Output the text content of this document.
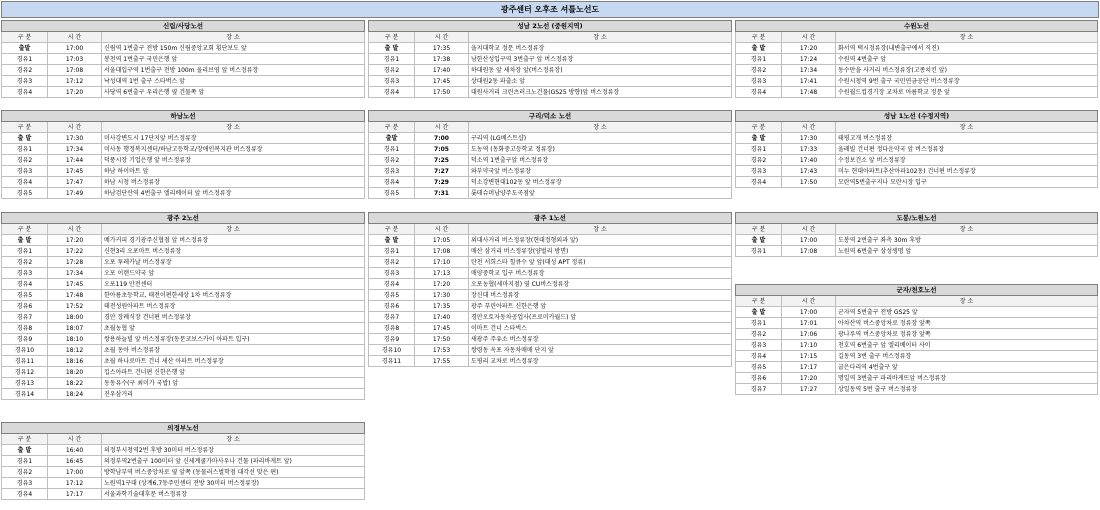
광주센터 오후조 셔틀노선도
신림/사당노선		
구 분	시 간	장 소
출발	17:00	신림역 1번출구 전방 150m 신림중앙교회 횡단보도 앞
경유1	17:03	봉천역 1번출구 국민은행 앞
경유2	17:08	서울대입구역 1번출구 전방 100m 올리브영 앞 버스정류장
경유3	17:12	낙성대역 1번 출구 스타벅스 앞
경유4	17:20	사당역 6번출구 우리은행 옆 건물쪽 앞
성남 2노선 (중원지역)		
구 분	시 간	장 소
출 발	17:35	을지대학교 정문 버스정류장
경유1	17:38	남한산성입구역 3번출구 앞 버스정류장
경유2	17:40	하대원동 앞 세차장 앞(버스정류장)
경유3	17:45	상대원2동 파출소 앞
경유4	17:50	대원사거리 크린츠러크노건물(GS25 방향)앞 버스정류장
수원노선		
구 분	시 간	장 소
출 발	17:20	화서역 택시정류장(내변출구에서 직진)
경유1	17:24	수원역 4번출구 앞
경유2	17:34	동수만을 사거리 버스정류장(고종치킨 앞)
경유3	17:41	수원시청역 9번 출구 국민연금공단 버스정류장
경유4	17:48	수원월드컵경기장 교차로 아름학교 정문 앞
하남노선		
구 분	시 간	장 소
출 발	17:30	미사강변도시 17단지앞 버스정류장
경유1	17:34	미사동 행정복지센터/하남고등학교/장애인복지관 버스정류장
경유2	17:44	덕풍시장 기업은행 앞 버스정류장
경유3	17:45	하남 하이마트 앞
경유4	17:47	하남 시청 버스정류장
경유5	17:49	하남검단산역 4번출구 엘리베이터 앞 버스정류장
구리/덕소 노선		
구 분	시 간	장 소
출발	7:00	구리역 (LG베스트샵)
경유1	7:05	도농역 (동화중고등학교 정류장)
경유2	7:25	덕소역 1번출구앞 버스정류장
경유3	7:27	와부약국앞 버스정류장
경유4	7:29	덕소강변현대102동 앞 버스정류장
경유5	7:31	롯데슈퍼남양주도곡점앞
성남 1노선 (수정지역)		
구 분	시 간	장 소
출 발	17:30	태평고개 버스정류장
경유1	17:33	올레빌 건너편 정다운약국 앞 버스정류장
경유2	17:40	수정보건소 앞 버스정류장
경유3	17:43	미누 현대아파트(추산아파102동) 건너편 버스정류장
경유4	17:50	모란역5번출구지나 모란시장 입구
광주 2노선		
구 분	시 간	장 소
출 발	17:20	메가커피 경기광주신협점 앞 버스정류장
경유1	17:22	신현3리 오포마트 버스정류장
경유2	17:28	오포 투레카날 버스정류장
경유3	17:34	오포 이랜드약국 앞
경유4	17:45	오포119 안전센터
경유5	17:48	한아름초등학교, 태전이편한세상 1차 버스정류장
경유6	17:52	태전성원아파트 버스정류장
경유7	18:00	경안 장례식장 건너편 버스정류장
경유8	18:07	초월농협 앞
경유9	18:10	쌍용하늘빌 앞 버스정류장(동문코보스카이 아파트 입구)
경유10	18:12	초월 동아 버스정류장
경유11	18:16	초월 하나로마트 건너 세산 아파트 버스정류장
경유12	18:20	킵스아파트 건너편 신한은행 앞
경유13	18:22	동동유수(구 최미가 국밥) 앞
경유14	18:24	진우삼거리
광주 1노선		
구 분	시 간	장 소
출 발	17:05	외대사거리 버스정류장(현대정형외과 앞)
경유1	17:08	매산 삼거리 버스정류장(양벌리 방면)
경유2	17:10	탄천 서희스타 힐큐수 앞 앞(대성 APT 정류)
경유3	17:13	매양중학교 입구 버스정류장
경유4	17:20	오포농협(세마지점) 옆 CU버스정류장
경유5	17:30	장신대 버스정류장
경유6	17:35	광주 푸린아파트 신한은행 앞
경유7	17:40	경안오토자동차공업사(프로미카월드) 앞
경유8	17:45	이마트 건너 스타벅스
경유9	17:50	새광주 주유소 버스정류장
경유10	17:53	쌍령동 옥포 자동차매매 단지 앞
경유11	17:55	도평리 교차로 버스정류장
도봉/노원노선		
구 분	시 간	장 소
출 발	17:00	도봉역 2번출구 좌측 30m 후방
경유1	17:08	노원역 6번출구 삼성생명 앞
군자/천호노선		
구 분	시 간	장 소
출 발	17:00	군자역 5번출구 전방 GS25 앞
경유1	17:01	아차산역 버스중앙차로 정류장 앞쪽
경유2	17:06	광나루역 버스중앙차로 정류장 앞쪽
경유3	17:10	천호역 6번출구 앞 엘리베이터 사이
경유4	17:15	길동역 3번 출구 버스정류장
경유5	17:17	굽은다리역 4번출구 앞
경유6	17:20	명일역 3번출구 파리바게뜨앞 버스정류장
경유7	17:27	상일동역 5번 출구 버스정류장
의정부노선		
구 분	시 간	장 소
출 발	16:40	의정부시청역2번 후방 30미터 버스정류장
경유1	16:45	의정부역2번출구 100미터 앞 신세계쿨가마사우나 건물 (파리바게트 앞)
경유2	17:00	방학남부역 버스중앙차로 옆 앞쪽 (동물러스벌학점 대각선 맞은 편)
경유3	17:12	노원역1구대 (상계6,7동주민센터 전방 30미터 버스정류장)
경유4	17:17	서울과학기술대후문 버스정류장
